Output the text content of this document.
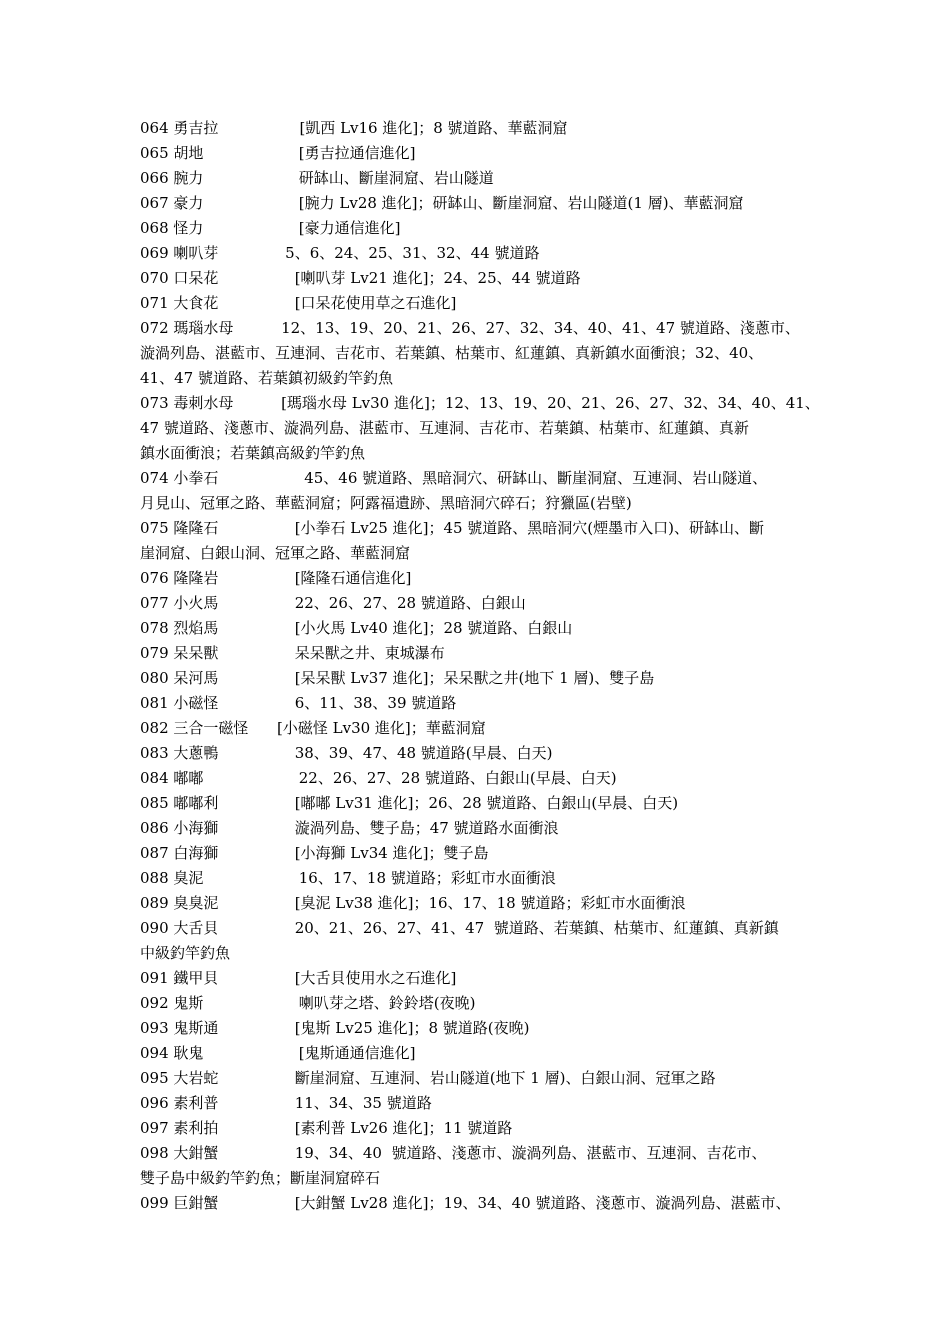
064 勇吉拉                 [凱西 Lv16 進化]；8 號道路、華藍洞窟
065 胡地                    [勇吉拉通信進化]
066 腕力                    研缽山、斷崖洞窟、岩山隧道
067 豪力                    [腕力 Lv28 進化]；研缽山、斷崖洞窟、岩山隧道(1 層)、華藍洞窟
068 怪力                    [豪力通信進化]
069 喇叭芽              5、6、24、25、31、32、44 號道路
070 口呆花                [喇叭芽 Lv21 進化]；24、25、44 號道路
071 大食花                [口呆花使用草之石進化]
072 瑪瑙水母          12、13、19、20、21、26、27、32、34、40、41、47 號道路、淺蔥市、
漩渦列島、湛藍市、互連洞、吉花市、若葉鎮、枯葉市、紅蓮鎮、真新鎮水面衝浪；32、40、
41、47 號道路、若葉鎮初級釣竿釣魚
073 毒刺水母          [瑪瑙水母 Lv30 進化]；12、13、19、20、21、26、27、32、34、40、41、
47 號道路、淺蔥市、漩渦列島、湛藍市、互連洞、吉花市、若葉鎮、枯葉市、紅蓮鎮、真新
鎮水面衝浪；若葉鎮高級釣竿釣魚
074 小拳石                  45、46 號道路、黑暗洞穴、研缽山、斷崖洞窟、互連洞、岩山隧道、
月見山、冠軍之路、華藍洞窟；阿露福遺跡、黑暗洞穴碎石；狩獵區(岩壁)
075 隆隆石                [小拳石 Lv25 進化]；45 號道路、黑暗洞穴(煙墨市入口)、研缽山、斷
崖洞窟、白銀山洞、冠軍之路、華藍洞窟
076 隆隆岩                [隆隆石通信進化]
077 小火馬                22、26、27、28 號道路、白銀山
078 烈焰馬                [小火馬 Lv40 進化]；28 號道路、白銀山
079 呆呆獸                呆呆獸之井、東城瀑布
080 呆河馬                [呆呆獸 Lv37 進化]；呆呆獸之井(地下 1 層)、雙子島
081 小磁怪                6、11、38、39 號道路
082 三合一磁怪      [小磁怪 Lv30 進化]；華藍洞窟
083 大蔥鴨                38、39、47、48 號道路(早晨、白天)
084 嘟嘟                    22、26、27、28 號道路、白銀山(早晨、白天)
085 嘟嘟利                [嘟嘟 Lv31 進化]；26、28 號道路、白銀山(早晨、白天)
086 小海獅                漩渦列島、雙子島；47 號道路水面衝浪
087 白海獅                [小海獅 Lv34 進化]；雙子島
088 臭泥                    16、17、18 號道路；彩虹市水面衝浪
089 臭臭泥                [臭泥 Lv38 進化]；16、17、18 號道路；彩虹市水面衝浪
090 大舌貝                20、21、26、27、41、47  號道路、若葉鎮、枯葉市、紅蓮鎮、真新鎮
中級釣竿釣魚
091 鐵甲貝                [大舌貝使用水之石進化]
092 鬼斯                    喇叭芽之塔、鈴鈴塔(夜晚)
093 鬼斯通                [鬼斯 Lv25 進化]；8 號道路(夜晚)
094 耿鬼                    [鬼斯通通信進化]
095 大岩蛇                斷崖洞窟、互連洞、岩山隧道(地下 1 層)、白銀山洞、冠軍之路
096 素利普                11、34、35 號道路
097 素利拍                [素利普 Lv26 進化]；11 號道路
098 大鉗蟹                19、34、40  號道路、淺蔥市、漩渦列島、湛藍市、互連洞、吉花市、
雙子島中級釣竿釣魚；斷崖洞窟碎石
099 巨鉗蟹                [大鉗蟹 Lv28 進化]；19、34、40 號道路、淺蔥市、漩渦列島、湛藍市、
